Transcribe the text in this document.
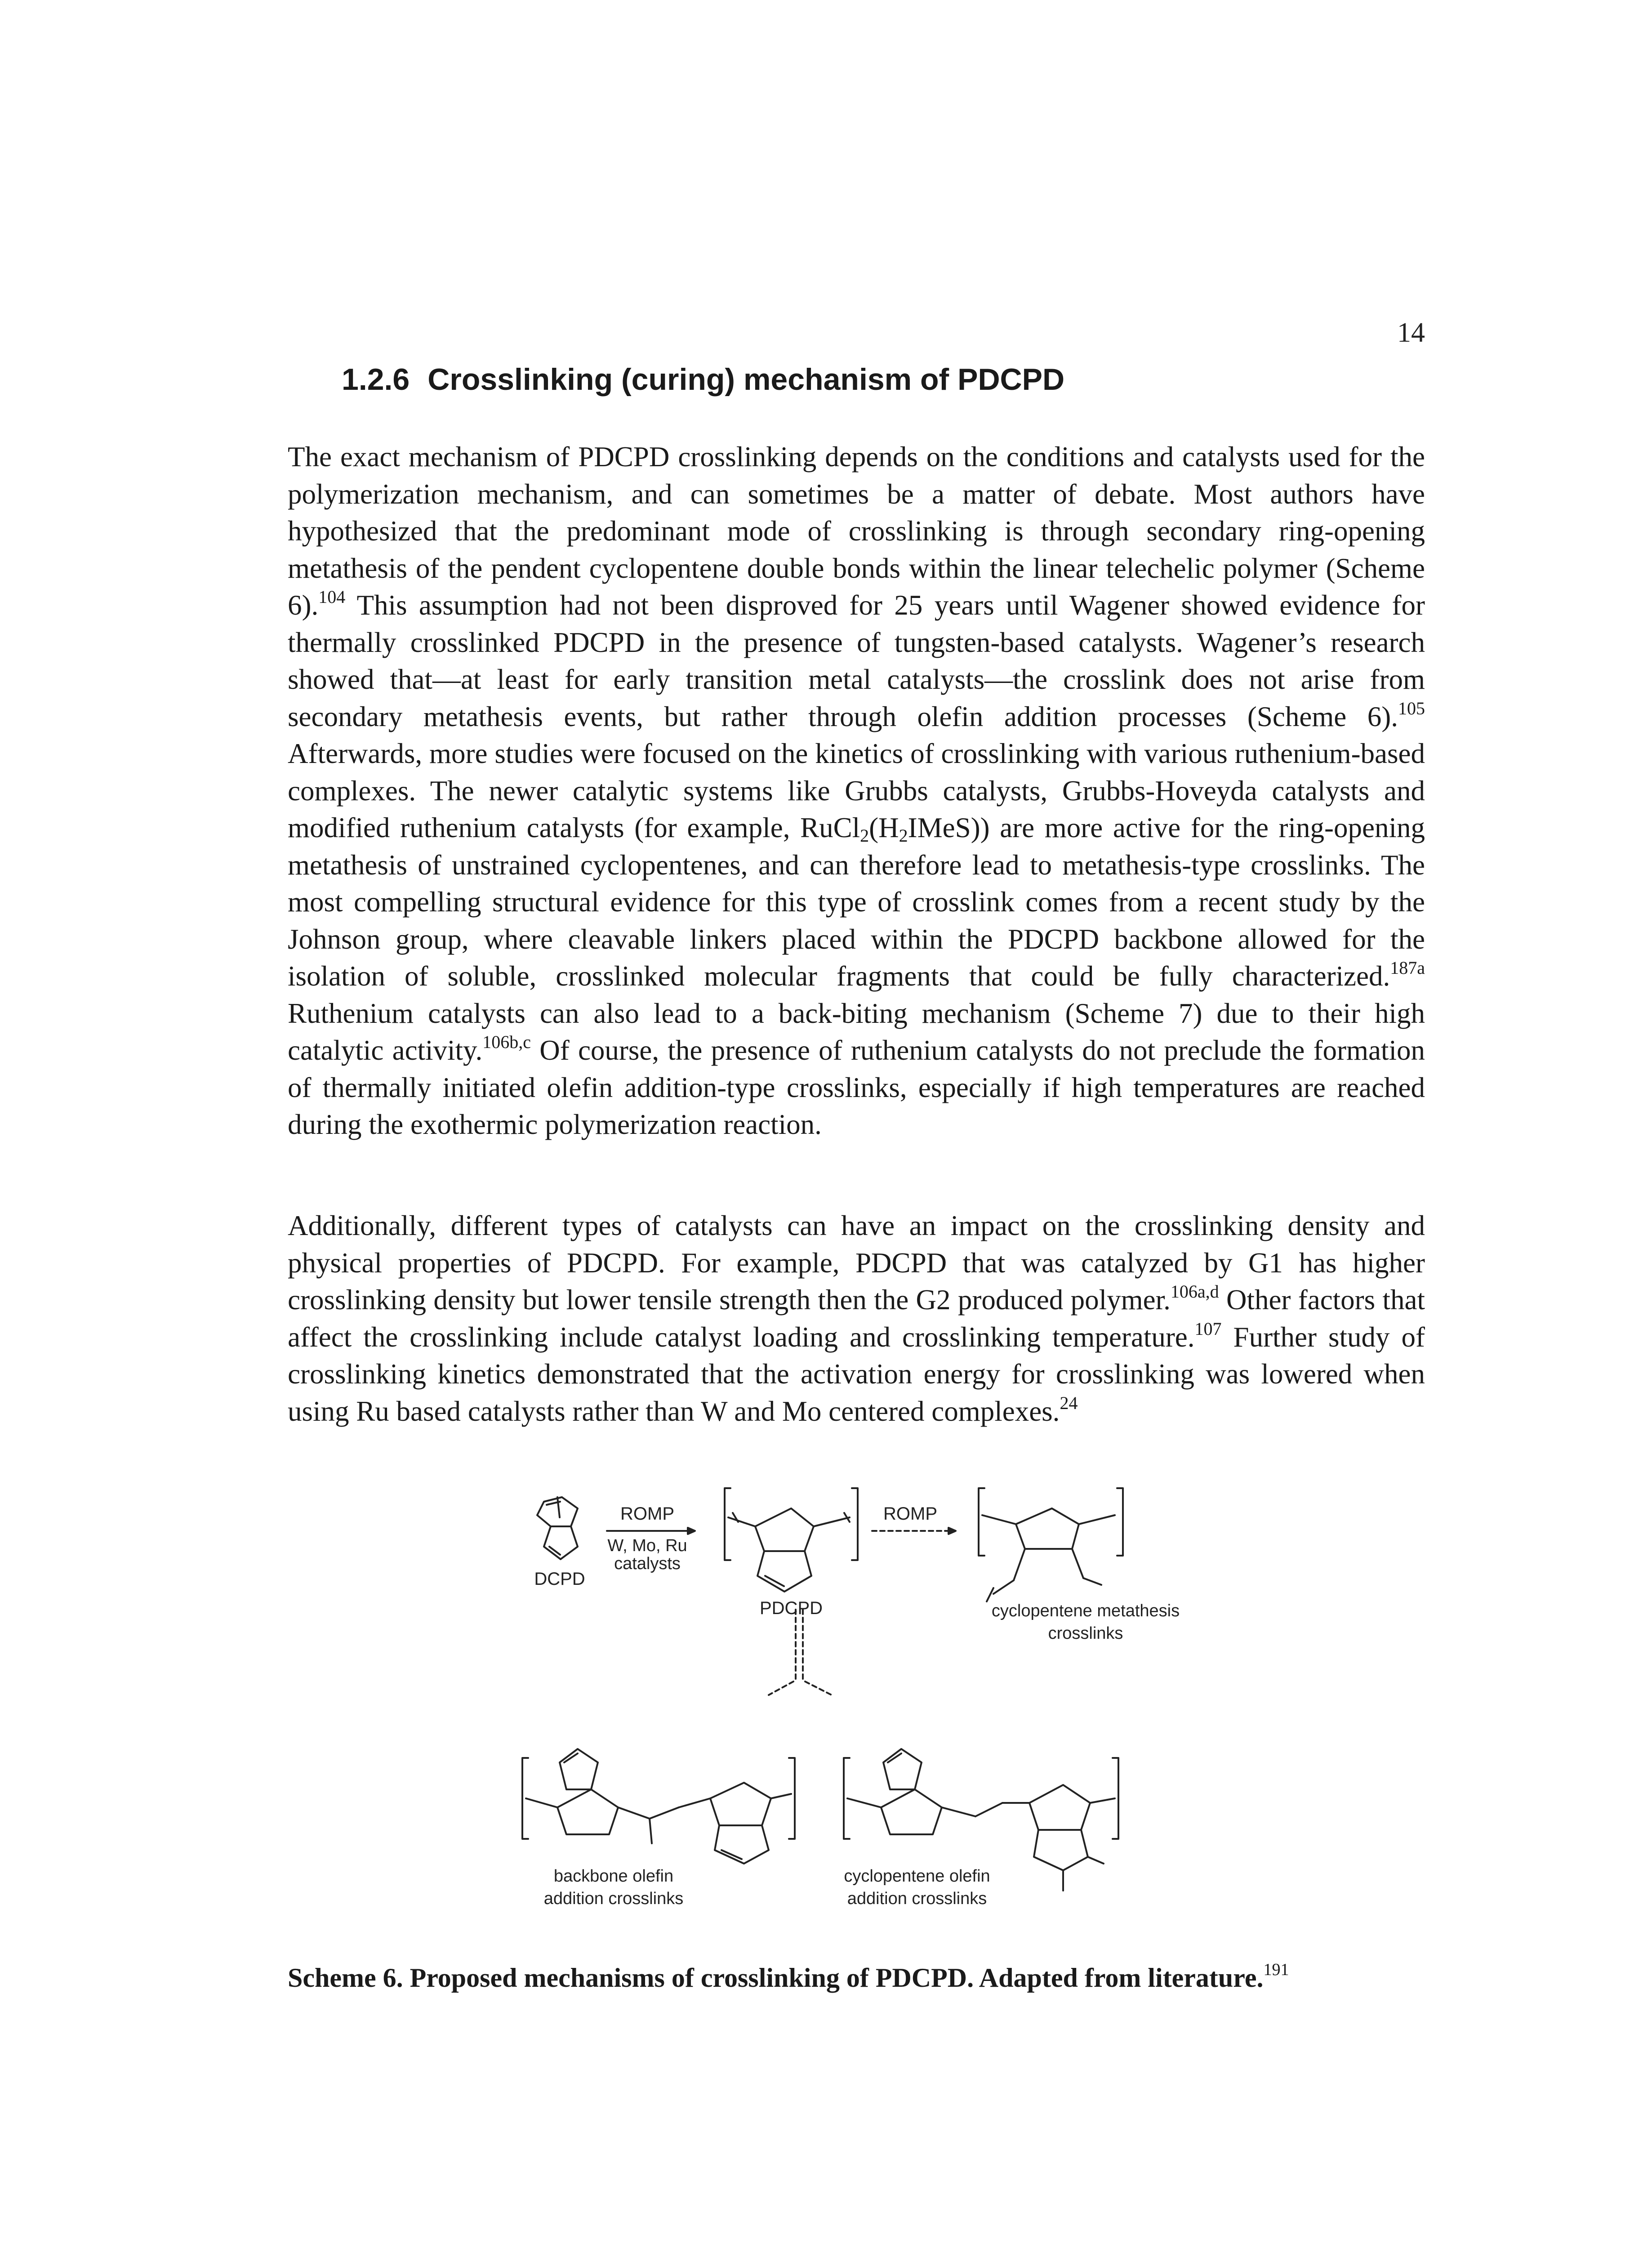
14
1.2.6 Crosslinking (curing) mechanism of PDCPD

The exact mechanism of PDCPD crosslinking depends on the conditions and catalysts used for the polymerization mechanism, and can sometimes be a matter of debate. Most authors have hypothesized that the predominant mode of crosslinking is through secondary ring-opening metathesis of the pendent cyclopentene double bonds within the linear telechelic polymer (Scheme 6).$^{104}$ This assumption had not been disproved for 25 years until Wagener showed evidence for thermally crosslinked PDCPD in the presence of tungsten-based catalysts. Wagener’s research showed that—at least for early transition metal catalysts—the crosslink does not arise from secondary metathesis events, but rather through olefin addition processes (Scheme 6).$^{105}$ Afterwards, more studies were focused on the kinetics of crosslinking with various ruthenium-based complexes. The newer catalytic systems like Grubbs catalysts, Grubbs-Hoveyda catalysts and modified ruthenium catalysts (for example, $RuCl_2(H_2IMeS)$) are more active for the ring-opening metathesis of unstrained cyclopentenes, and can therefore lead to metathesis-type crosslinks. The most compelling structural evidence for this type of crosslink comes from a recent study by the Johnson group, where cleavable linkers placed within the PDCPD backbone allowed for the isolation of soluble, crosslinked molecular fragments that could be fully characterized.$^{187a}$ Ruthenium catalysts can also lead to a back-biting mechanism (Scheme 7) due to their high catalytic activity.$^{106b,c}$ Of course, the presence of ruthenium catalysts do not preclude the formation of thermally initiated olefin addition-type crosslinks, especially if high temperatures are reached during the exothermic polymerization reaction.

Additionally, different types of catalysts can have an impact on the crosslinking density and physical properties of PDCPD. For example, PDCPD that was catalyzed by G1 has higher crosslinking density but lower tensile strength then the G2 produced polymer.$^{106a,d}$ Other factors that affect the crosslinking include catalyst loading and crosslinking temperature.$^{107}$ Further study of crosslinking kinetics demonstrated that the activation energy for crosslinking was lowered when using Ru based catalysts rather than W and Mo centered complexes.$^{24}$

DCPD
ROMP
W, Mo, Ru
catalysts
PDCPD
ROMP
cyclopentene metathesis
crosslinks
backbone olefin
addition crosslinks
cyclopentene olefin
addition crosslinks

Scheme 6. Proposed mechanisms of crosslinking of PDCPD. Adapted from literature.$^{191}$
